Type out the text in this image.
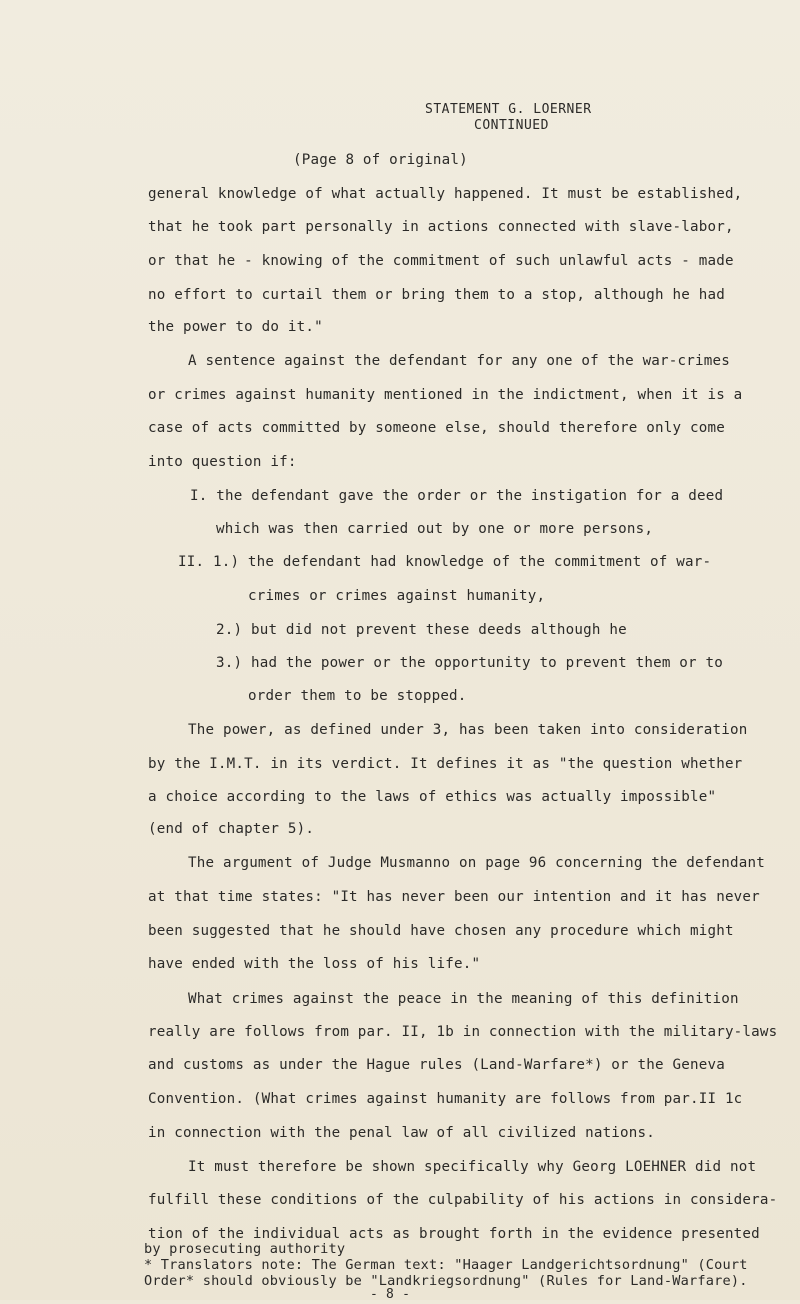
STATEMENT G. LOERNER
CONTINUED
(Page 8 of original)
general knowledge of what actually happened. It must be established,
that he took part personally in actions connected with slave-labor,
or that he - knowing of the commitment of such unlawful acts - made
no effort to curtail them or bring them to a stop, although he had
the power to do it."
A sentence against the defendant for any one of the war-crimes
or crimes against humanity mentioned in the indictment, when it is a
case of acts committed by someone else, should therefore only come
into question if:
I. the defendant gave the order or the instigation for a deed
which was then carried out by one or more persons,
II. 1.) the defendant had knowledge of the commitment of war-
crimes or crimes against humanity,
2.) but did not prevent these deeds although he
3.) had the power or the opportunity to prevent them or to
order them to be stopped.
The power, as defined under 3, has been taken into consideration
by the I.M.T. in its verdict. It defines it as "the question whether
a choice according to the laws of ethics was actually impossible"
(end of chapter 5).
The argument of Judge Musmanno on page 96 concerning the defendant
at that time states: "It has never been our intention and it has never
been suggested that he should have chosen any procedure which might
have ended with the loss of his life."
What crimes against the peace in the meaning of this definition
really are follows from par. II, 1b in connection with the military-laws
and customs as under the Hague rules (Land-Warfare*) or the Geneva
Convention. (What crimes against humanity are follows from par.II 1c
in connection with the penal law of all civilized nations.
It must therefore be shown specifically why Georg LOEHNER did not
fulfill these conditions of the culpability of his actions in considera-
tion of the individual acts as brought forth in the evidence presented
by prosecuting authority
* Translators note: The German text: "Haager Landgerichtsordnung" (Court
Order* should obviously be "Landkriegsordnung" (Rules for Land-Warfare).
- 8 -
